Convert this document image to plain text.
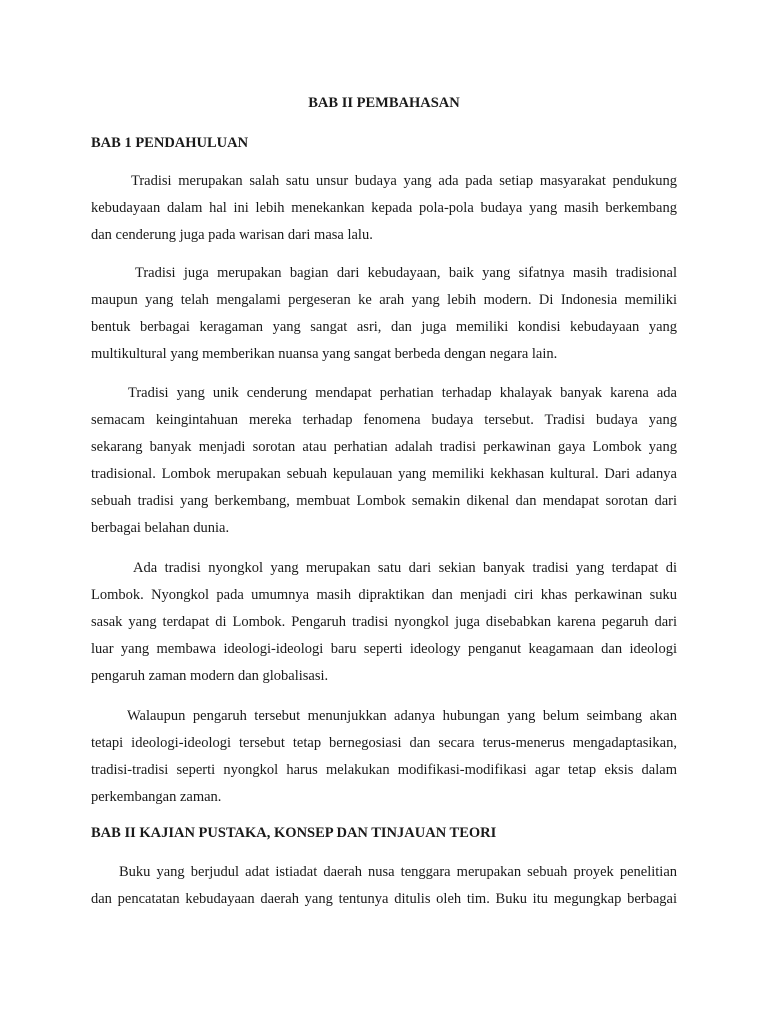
BAB II PEMBAHASAN

BAB 1 PENDAHULUAN

Tradisi merupakan salah satu unsur budaya yang ada pada setiap masyarakat pendukung
kebudayaan dalam hal ini lebih menekankan kepada pola-pola budaya yang masih berkembang
dan cenderung juga pada warisan dari masa lalu.
Tradisi juga merupakan bagian dari kebudayaan, baik yang sifatnya masih tradisional
maupun yang telah mengalami pergeseran ke arah yang lebih modern. Di Indonesia memiliki
bentuk berbagai keragaman yang sangat asri, dan juga memiliki kondisi kebudayaan yang
multikultural yang memberikan nuansa yang sangat berbeda dengan negara lain.
Tradisi yang unik cenderung mendapat perhatian terhadap khalayak banyak karena ada
semacam keingintahuan mereka terhadap fenomena budaya tersebut. Tradisi budaya yang
sekarang banyak menjadi sorotan atau perhatian adalah tradisi perkawinan gaya Lombok yang
tradisional. Lombok merupakan sebuah kepulauan yang memiliki kekhasan kultural. Dari adanya
sebuah tradisi yang berkembang, membuat Lombok semakin dikenal dan mendapat sorotan dari
berbagai belahan dunia.
Ada tradisi nyongkol yang merupakan satu dari sekian banyak tradisi yang terdapat di
Lombok. Nyongkol pada umumnya masih dipraktikan dan menjadi ciri khas perkawinan suku
sasak yang terdapat di Lombok. Pengaruh tradisi nyongkol juga disebabkan karena pegaruh dari
luar yang membawa ideologi-ideologi baru seperti ideology penganut keagamaan dan ideologi
pengaruh zaman modern dan globalisasi.
Walaupun pengaruh tersebut menunjukkan adanya hubungan yang belum seimbang akan
tetapi ideologi-ideologi tersebut tetap bernegosiasi dan secara terus-menerus mengadaptasikan,
tradisi-tradisi seperti nyongkol harus melakukan modifikasi-modifikasi agar tetap eksis dalam
perkembangan zaman.

BAB II KAJIAN PUSTAKA, KONSEP DAN TINJAUAN TEORI

Buku yang berjudul adat istiadat daerah nusa tenggara merupakan sebuah proyek penelitian
dan pencatatan kebudayaan daerah yang tentunya ditulis oleh tim. Buku itu megungkap berbagai
